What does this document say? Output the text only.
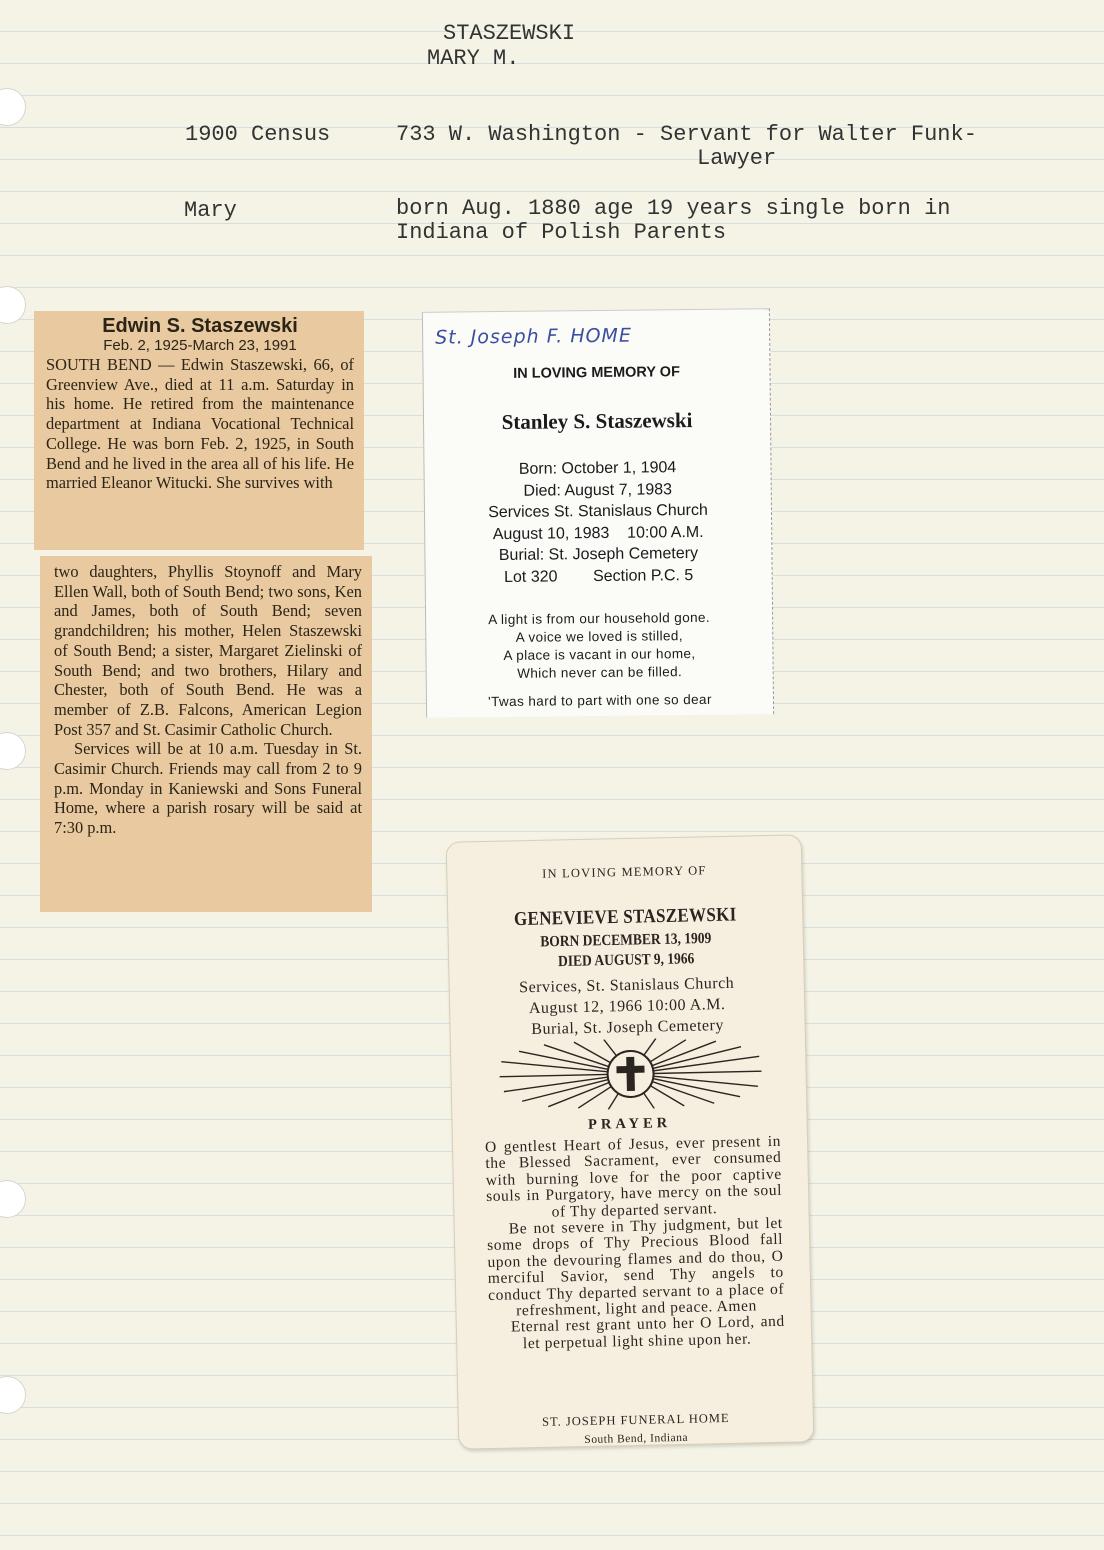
STASZEWSKI
MARY M.
1900 Census	733 W. Washington - Servant for Walter Funk-
Lawyer
Mary	born Aug. 1880 age 19 years single born in
Indiana of Polish Parents
Edwin S. Staszewski
Feb. 2, 1925-March 23, 1991

SOUTH BEND — Edwin Staszewski, 66, of Greenview Ave., died at 11 a.m. Saturday in his home. He retired from the maintenance department at Indiana Vocational Technical College. He was born Feb. 2, 1925, in South Bend and he lived in the area all of his life. He married Eleanor Witucki. She survives with

two daughters, Phyllis Stoynoff and Mary Ellen Wall, both of South Bend; two sons, Ken and James, both of South Bend; seven grandchildren; his mother, Helen Staszewski of South Bend; a sister, Margaret Zielinski of South Bend; and two brothers, Hilary and Chester, both of South Bend. He was a member of Z.B. Falcons, American Legion Post 357 and St. Casimir Catholic Church.

Services will be at 10 a.m. Tuesday in St. Casimir Church. Friends may call from 2 to 9 p.m. Monday in Kaniewski and Sons Funeral Home, where a parish rosary will be said at 7:30 p.m.

St. Joseph F. HOME
IN LOVING MEMORY OF
Stanley S. Staszewski
Born: October 1, 1904
Died: August 7, 1983
Services St. Stanislaus Church
August 10, 1983    10:00 A.M.
Burial: St. Joseph Cemetery
Lot 320        Section P.C. 5
A light is from our household gone.
A voice we loved is stilled,
A place is vacant in our home,
Which never can be filled.
'Twas hard to part with one so dear
IN LOVING MEMORY OF
GENEVIEVE STASZEWSKI
BORN DECEMBER 13, 1909
DIED AUGUST 9, 1966
Services, St. Stanislaus Church
August 12, 1966 10:00 A.M.
Burial, St. Joseph Cemetery
PRAYER

O gentlest Heart of Jesus, ever present in the Blessed Sacrament, ever consumed with burning love for the poor captive souls in Purgatory, have mercy on the soul of Thy departed servant.

Be not severe in Thy judgment, but let some drops of Thy Precious Blood fall upon the devouring flames and do thou, O merciful Savior, send Thy angels to conduct Thy departed servant to a place of refreshment, light and peace. Amen

Eternal rest grant unto her O Lord, and let perpetual light shine upon her.

ST. JOSEPH FUNERAL HOME
South Bend, Indiana
